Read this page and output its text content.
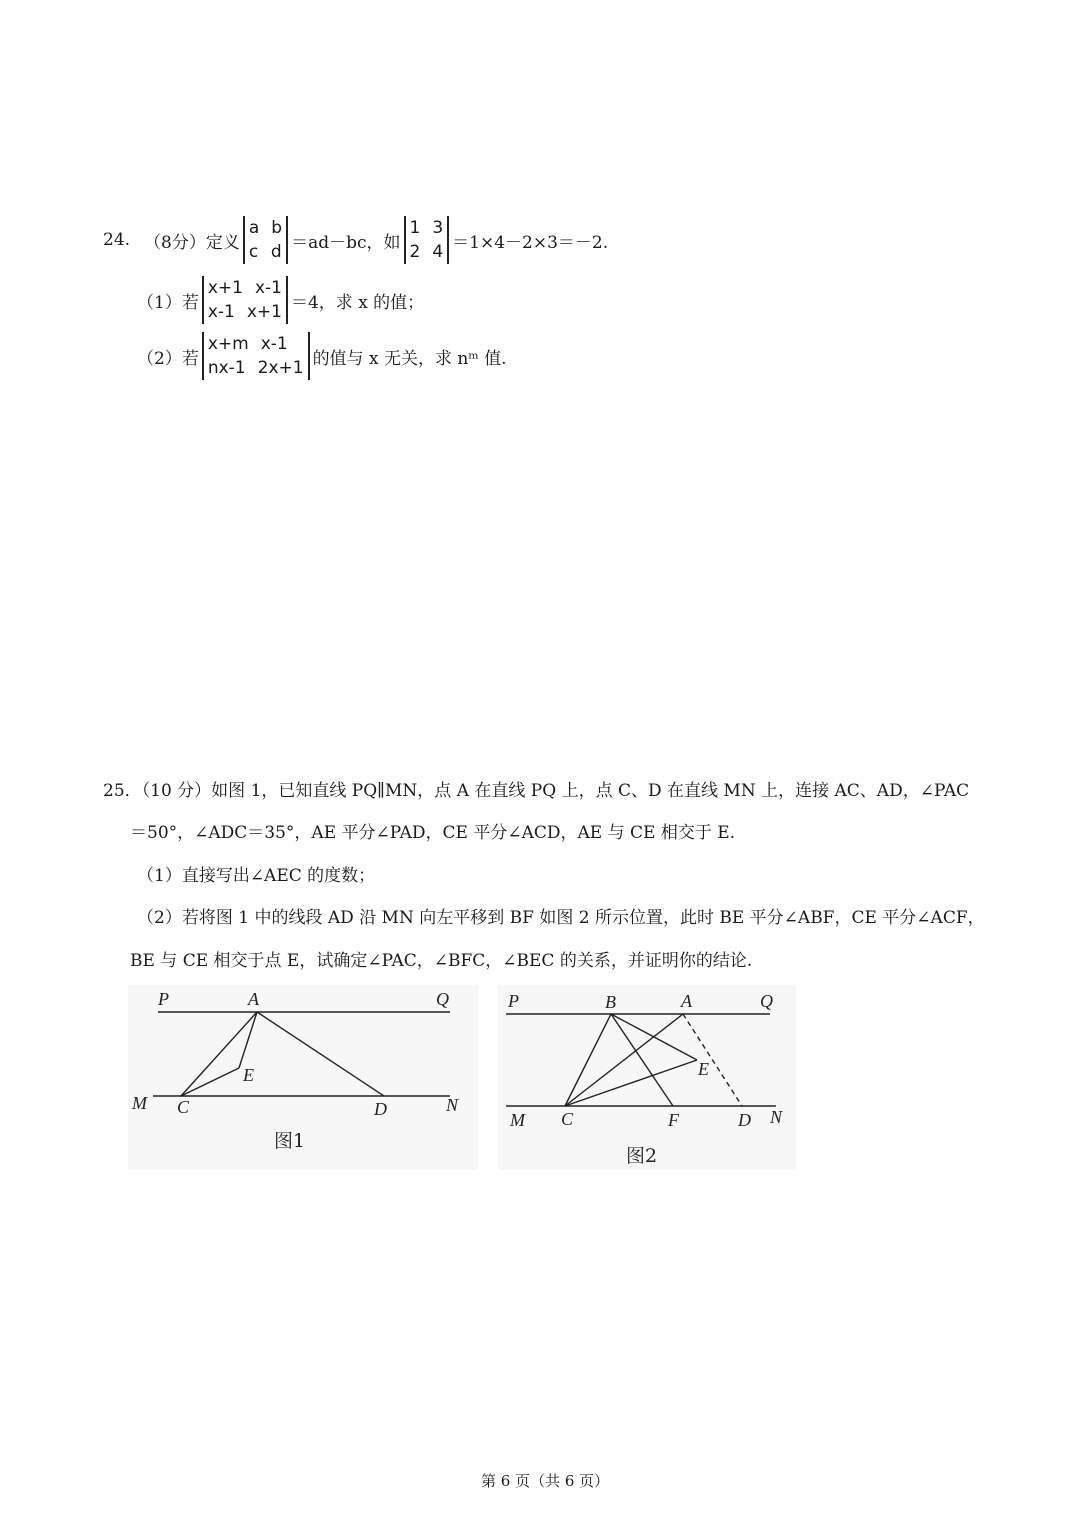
24. （8分）定义
a b
c d ＝ad－bc，如
1 3
2 4 ＝1×4－2×3＝－2.
（1）若
x+1 x-1
x-1 x+1 ＝4，求 x 的值；
（2）若
x+m x-1
nx-1 2x+1 的值与 x 无关，求 nᵐ 值.
25．（10 分）如图 1，已知直线 PQ∥MN，点 A 在直线 PQ 上，点 C、D 在直线 MN 上，连接 AC、AD，∠PAC
＝50°，∠ADC＝35°，AE 平分∠PAD，CE 平分∠ACD，AE 与 CE 相交于 E.
（1）直接写出∠AEC 的度数；
（2）若将图 1 中的线段 AD 沿 MN 向左平移到 BF 如图 2 所示位置，此时 BE 平分∠ABF，CE 平分∠ACF，
BE 与 CE 相交于点 E，试确定∠PAC，∠BFC，∠BEC 的关系，并证明你的结论.
P	A	Q
E
M C	D	N
图1
P	B	A	Q
E
M C	F	D N
图2
第 6 页（共 6 页）
